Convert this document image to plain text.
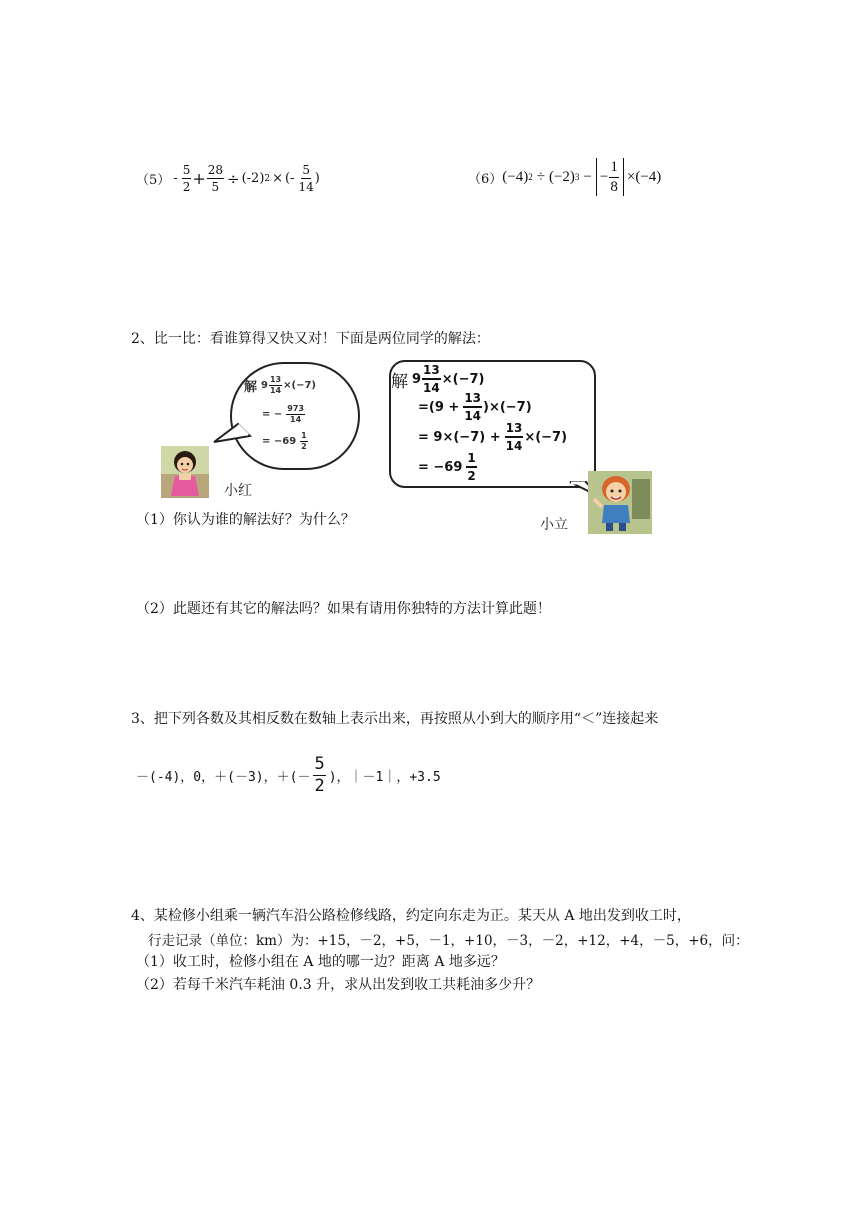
$(5) - \frac{5}{2} + \frac{28}{5} \div (-2) 2$ × (- $\frac{5}{14}$ )	（6） (−4) 2 ÷ (−2) 3 − − $\frac{1}{8} \times(-4)$
2、比一比：看谁算得又快又对！下面是两位同学的解法：
解 $9 \frac{13}{14} \times(-7)$
= − $\frac{973}{14}$
= $-69 \frac{1}{2}$
小红
解 $9 \frac{13}{14} \times(-7)$
$=(9 + \frac{13}{14} )\times(-7)$
= $9\times(-7) + \frac{13}{14} \times(-7)$
= $-69 \frac{1}{2}$
小立
（1）你认为谁的解法好？为什么？
（2）此题还有其它的解法吗？如果有请用你独特的方法计算此题！
3、把下列各数及其相反数在数轴上表示出来，再按照从小到大的顺序用“＜”连接起来
－(-4)，0，＋(－3)，＋(－ $\frac{5}{2}$ )，｜－1｜，+3.5
4、某检修小组乘一辆汽车沿公路检修线路，约定向东走为正。某天从 A 地出发到收工时，
行走记录（单位：km）为：+15，－2，+5，－1，+10，－3，－2，+12，+4，－5，+6，问：
（1）收工时，检修小组在 A 地的哪一边？距离 A 地多远？
（2）若每千米汽车耗油 0.3 升，求从出发到收工共耗油多少升？
